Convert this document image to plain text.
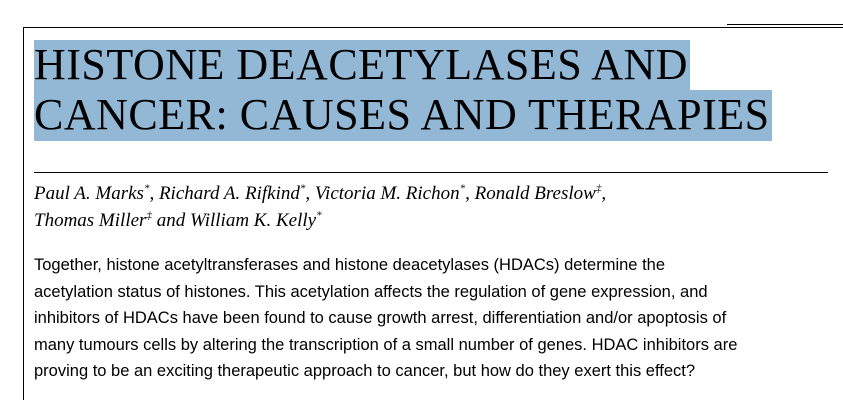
HISTONE DEACETYLASES AND
CANCER: CAUSES AND THERAPIES
Paul A. Marks*, Richard A. Rifkind*, Victoria M. Richon*, Ronald Breslow‡,
Thomas Miller‡ and William K. Kelly*
Together, histone acetyltransferases and histone deacetylases (HDACs) determine the
acetylation status of histones. This acetylation affects the regulation of gene expression, and
inhibitors of HDACs have been found to cause growth arrest, differentiation and/or apoptosis of
many tumours cells by altering the transcription of a small number of genes. HDAC inhibitors are
proving to be an exciting therapeutic approach to cancer, but how do they exert this effect?
